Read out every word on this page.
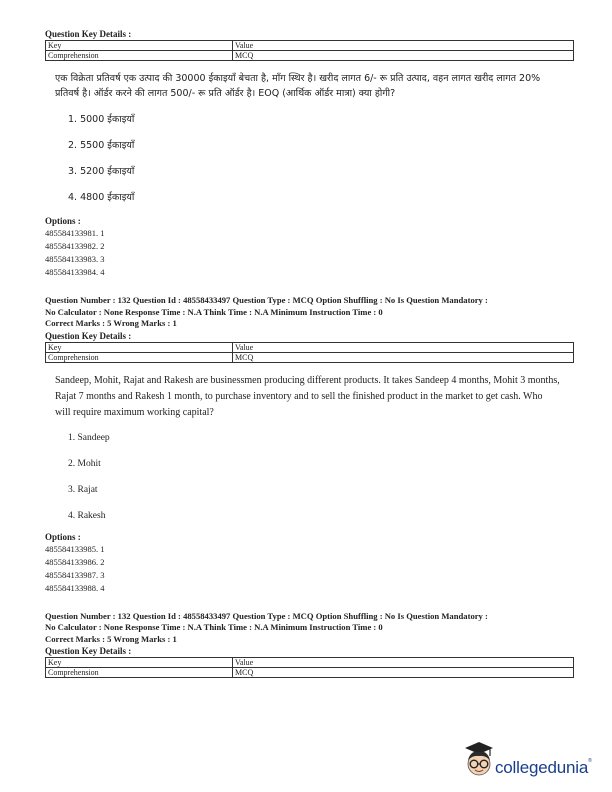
Question Key Details :
Key	Value
Comprehension	MCQ
एक विक्रेता प्रतिवर्ष एक उत्पाद की 30000 ईकाइयाँ बेचता है, माँग स्थिर है। खरीद लागत 6/- रू प्रति उत्पाद, वहन लागत खरीद लागत 20% प्रतिवर्ष है। ऑर्डर करने की लागत 500/- रू प्रति ऑर्डर है। EOQ (आर्थिक ऑर्डर मात्रा) क्या होगी?
1. 5000 ईकाइयाँ
2. 5500 ईकाइयाँ
3. 5200 ईकाइयाँ
4. 4800 ईकाइयाँ
Options :
485584133981. 1
485584133982. 2
485584133983. 3
485584133984. 4
Question Number : 132 Question Id : 48558433497 Question Type : MCQ Option Shuffling : No Is Question Mandatory :
No Calculator : None Response Time : N.A Think Time : N.A Minimum Instruction Time : 0
Correct Marks : 5 Wrong Marks : 1
Question Key Details :
Key	Value
Comprehension	MCQ
Sandeep, Mohit, Rajat and Rakesh are businessmen producing different products. It takes Sandeep 4 months, Mohit 3 months, Rajat 7 months and Rakesh 1 month, to purchase inventory and to sell the finished product in the market to get cash. Who will require maximum working capital?
1. Sandeep
2. Mohit
3. Rajat
4. Rakesh
Options :
485584133985. 1
485584133986. 2
485584133987. 3
485584133988. 4
Question Number : 132 Question Id : 48558433497 Question Type : MCQ Option Shuffling : No Is Question Mandatory :
No Calculator : None Response Time : N.A Think Time : N.A Minimum Instruction Time : 0
Correct Marks : 5 Wrong Marks : 1
Question Key Details :
Key	Value
Comprehension	MCQ
collegedunia®
